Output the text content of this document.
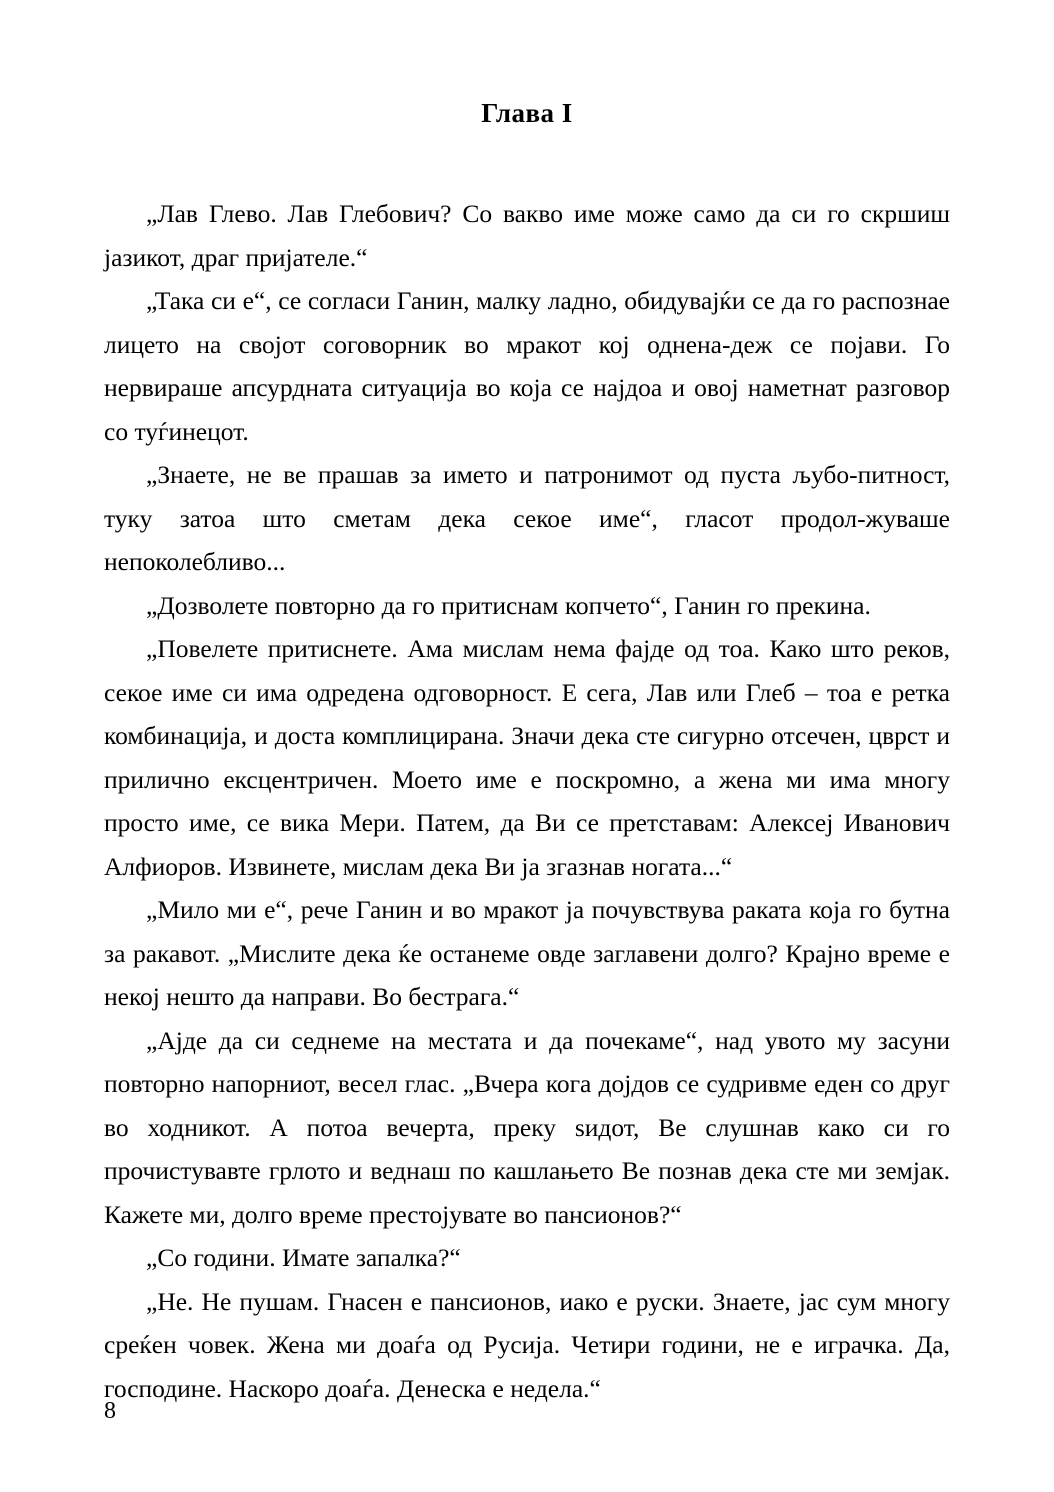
Глава I

„Лав Глево. Лав Глебович? Со вакво име може само да си го скршиш јазикот, драг пријателе.“

„Така си е“, се согласи Ганин, малку ладно, обидувајќи се да го распознае лицето на својот соговорник во мракот кој однена-деж се појави. Го нервираше апсурдната ситуација во која се најдоа и овој наметнат разговор со туѓинецот.

„Знаете, не ве прашав за името и патронимот од пуста љубо-питност, туку затоа што сметам дека секое име“, гласот продол-жуваше непоколебливо...

„Дозволете повторно да го притиснам копчето“, Ганин го прекина.

„Повелете притиснете. Ама мислам нема фајде од тоа. Како што реков, секое име си има одредена одговорност. Е сега, Лав или Глеб – тоа е ретка комбинација, и доста комплицирана. Значи дека сте сигурно отсечен, цврст и прилично ексцентричен. Моето име е поскромно, а жена ми има многу просто име, се вика Мери. Патем, да Ви се претставам: Алексеј Иванович Алфиоров. Извинете, мислам дека Ви ја згазнав ногата...“

„Мило ми е“, рече Ганин и во мракот ја почувствува раката која го бутна за ракавот. „Мислите дека ќе останеме овде заглавени долго? Крајно време е некој нешто да направи. Во бестрага.“

„Ајде да си седнеме на местата и да почекаме“, над увото му засуни повторно напорниот, весел глас. „Вчера кога дојдов се судривме еден со друг во ходникот. А потоа вечерта, преку ѕидот, Ве слушнав како си го прочистувавте грлото и веднаш по кашлањето Ве познав дека сте ми земјак. Кажете ми, долго време престојувате во пансионов?“

„Со години. Имате запалка?“

„Не. Не пушам. Гнасен е пансионов, иако е руски. Знаете, јас сум многу среќен човек. Жена ми доаѓа од Русија. Четири години, не е играчка. Да, господине. Наскоро доаѓа. Денеска е недела.“

8
